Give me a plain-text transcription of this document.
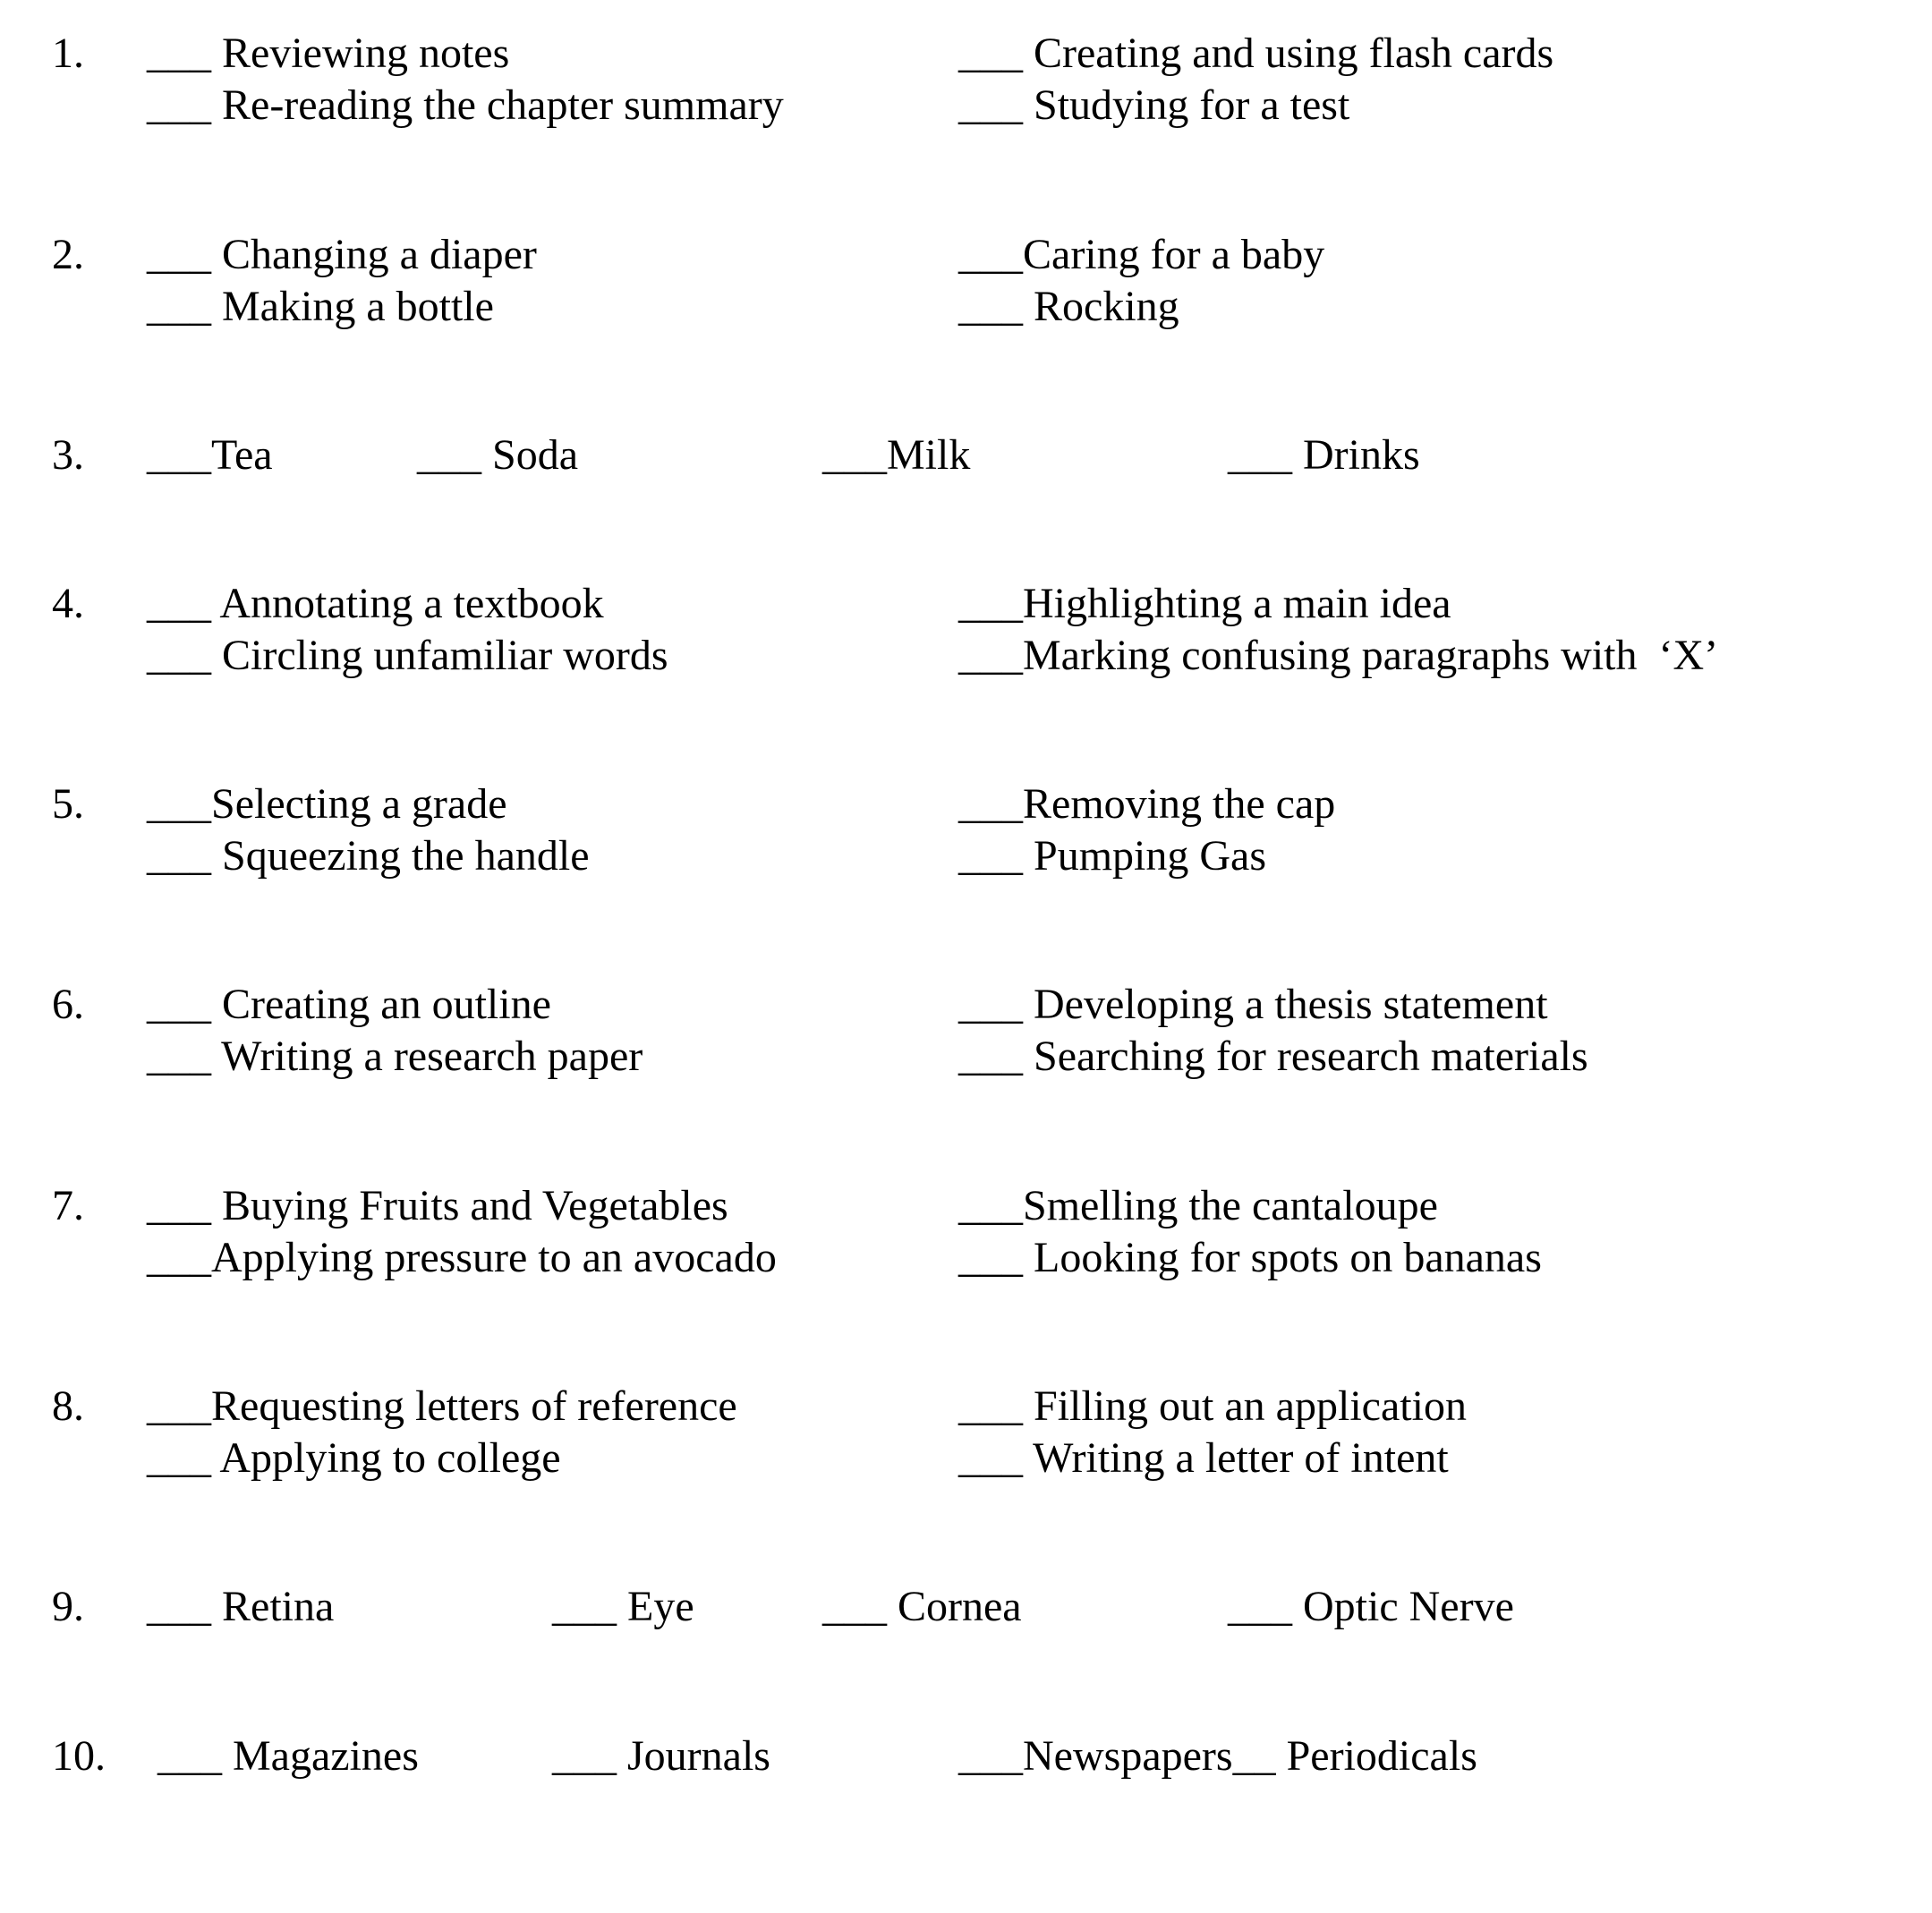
1. ___ Reviewing notes	___ Creating and using flash cards
___ Re-reading the chapter summary	___ Studying for a test
2. ___ Changing a diaper	___Caring for a baby
___ Making a bottle	___ Rocking
3. ___Tea	___ Soda	___Milk	___ Drinks
4. ___ Annotating a textbook	___Highlighting a main idea
___ Circling unfamiliar words	___Marking confusing paragraphs with  ‘X’
5. ___Selecting a grade	___Removing the cap
___ Squeezing the handle	___ Pumping Gas
6. ___ Creating an outline	___ Developing a thesis statement
___ Writing a research paper	___ Searching for research materials
7. ___ Buying Fruits and Vegetables	___Smelling the cantaloupe
___Applying pressure to an avocado	___ Looking for spots on bananas
8. ___Requesting letters of reference	___ Filling out an application
___ Applying to college	___ Writing a letter of intent
9. ___ Retina	___ Eye	___ Cornea	___ Optic Nerve
10. ___ Magazines	___ Journals	___Newspapers__ Periodicals
